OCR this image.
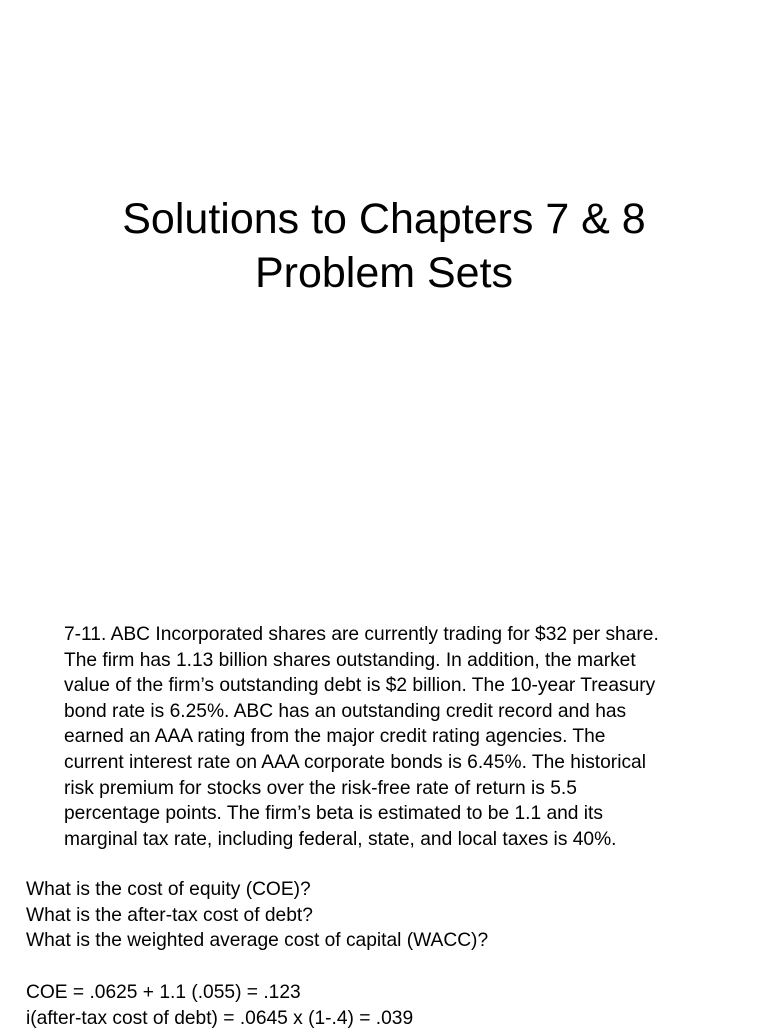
Solutions to Chapters 7 & 8
Problem Sets
7-11. ABC Incorporated shares are currently trading for $32 per share.
The firm has 1.13 billion shares outstanding. In addition, the market
value of the firm’s outstanding debt is $2 billion. The 10-year Treasury
bond rate is 6.25%. ABC has an outstanding credit record and has
earned an AAA rating from the major credit rating agencies. The
current interest rate on AAA corporate bonds is 6.45%. The historical
risk premium for stocks over the risk-free rate of return is 5.5
percentage points. The firm’s beta is estimated to be 1.1 and its
marginal tax rate, including federal, state, and local taxes is 40%.
What is the cost of equity (COE)?
What is the after-tax cost of debt?
What is the weighted average cost of capital (WACC)?
COE = .0625 + 1.1 (.055) = .123
i(after-tax cost of debt) = .0645 x (1-.4) = .039
